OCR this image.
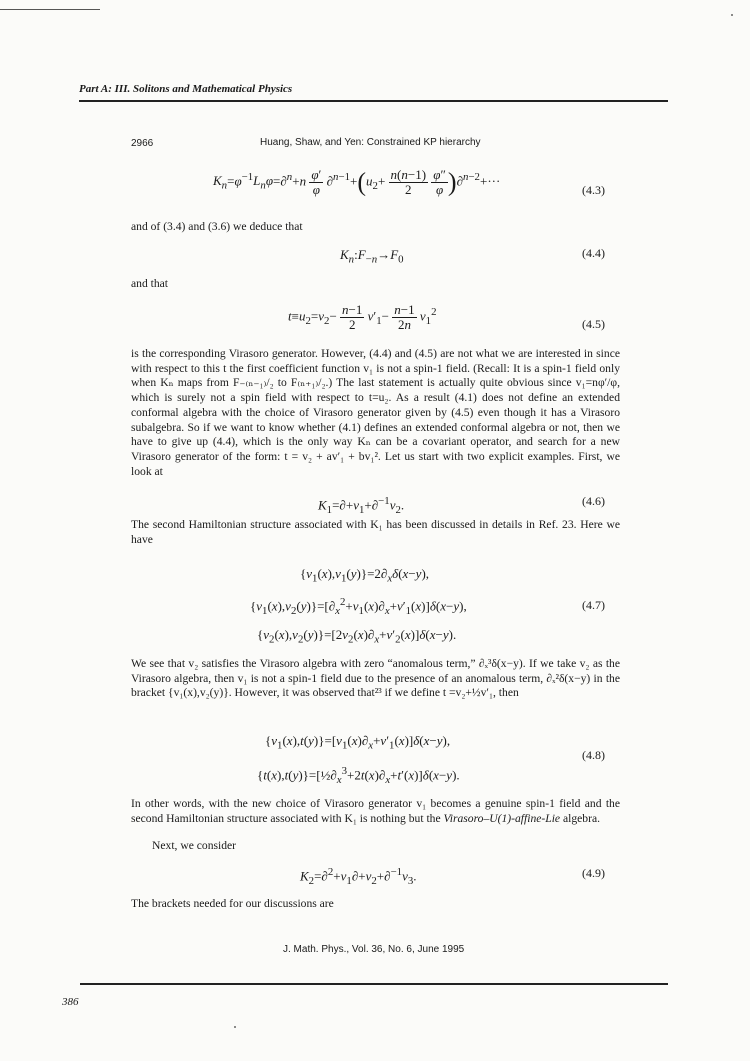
Part A: III. Solitons and Mathematical Physics
2966	Huang, Shaw, and Yen: Constrained KP hierarchy
$K_n=\varphi^{-1}L_n\varphi=\partial^n+n \frac{\varphi'}{\varphi} \partial^{n-1}+(u_2+ \frac{n(n-1)}{2}$
$\frac{\varphi''}{\varphi} )\partial^{n-2}+\cdot\cdot\cdot$
(4.3)
and of (3.4) and (3.6) we deduce that
$K_n:F_{-n}\to F_0$	(4.4)
and that
$t\equiv u_2=v_2- \frac{n-1}{2} v'_1- \frac{n-1}{2n} v_1^2$
(4.5)
is the corresponding Virasoro generator. However, (4.4) and (4.5) are not what we are interested in since with respect to this t the first coefficient function v₁ is not a spin-1 field. (Recall: It is a spin-1 field only when Kₙ maps from F₋₍ₙ₋₁₎/₂ to F₍ₙ₊₁₎/₂.) The last statement is actually quite obvious since v₁=nφ′/φ, which is surely not a spin field with respect to t=u₂. As a result (4.1) does not define an extended conformal algebra with the choice of Virasoro generator given by (4.5) even though it has a Virasoro subalgebra. So if we want to know whether (4.1) defines an extended conformal algebra or not, then we have to give up (4.4), which is the only way Kₙ can be a covariant operator, and search for a new Virasoro generator of the form: t = v₂ + av′₁ + bv₁². Let us start with two explicit examples. First, we look at
$K_1=\partial+v_1+\partial^{-1}v_2$.	(4.6)
The second Hamiltonian structure associated with K₁ has been discussed in details in Ref. 23. Here we have
$\{v_1(x),v_1(y)\}=2\partial_x\delta(x-y)$,
$\{v_1(x),v_2(y)\}=[\partial_x^2+v_1(x)\partial_x+v'_1(x)]\delta(x-y)$,	(4.7)
$\{v_2(x),v_2(y)\}=[2v_2(x)\partial_x+v'_2(x)]\delta(x-y)$.
We see that v₂ satisfies the Virasoro algebra with zero “anomalous term,” ∂ₓ³δ(x−y). If we take v₂ as the Virasoro algebra, then v₁ is not a spin-1 field due to the presence of an anomalous term, ∂ₓ²δ(x−y) in the bracket {v₁(x),v₂(y)}. However, it was observed that²³ if we define t =v₂+½v′₁, then
$\{v_1(x),t(y)\}=[v_1(x)\partial_x+v'_1(x)]\delta(x-y)$,
(4.8)
$\{t(x),t(y)\}=[\frac{1}{2}\partial_x^3+2t(x)\partial_x+t'(x)]\delta(x-y)$.
In other words, with the new choice of Virasoro generator v₁ becomes a genuine spin-1 field and the second Hamiltonian structure associated with K₁ is nothing but the Virasoro–U(1)-affine-Lie algebra.
Next, we consider
$K_2=\partial^2+v_1\partial+v_2+\partial^{-1}v_3$.	(4.9)
The brackets needed for our discussions are
J. Math. Phys., Vol. 36, No. 6, June 1995
386
